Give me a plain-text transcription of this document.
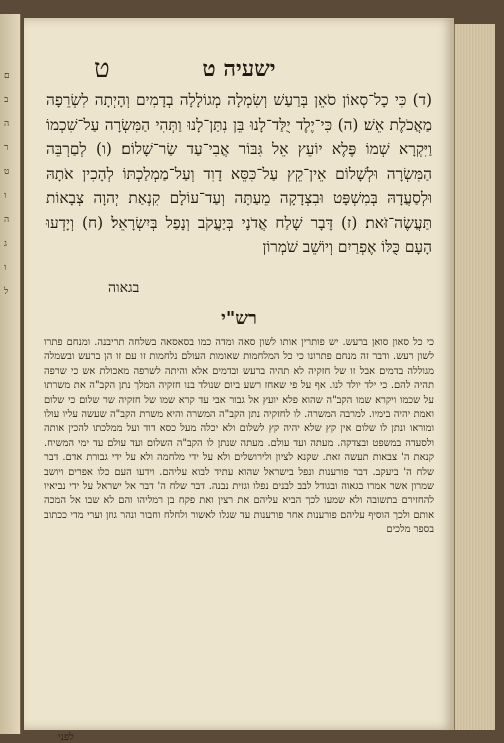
ט	ישעיה ט
(ד) כִּי כָל־סְאוֹן סֹאֵן בְּרַעַשׁ וְשִׂמְלָה מְגוֹלָלָה בְדָמִים וְהָיְתָה לִשְׂרֵפָה מַאֲכֹלֶת אֵשׁ׃ (ה) כִּי־יֶלֶד יֻלַּד־לָנוּ בֵּן נִתַּן־לָנוּ וַתְּהִי הַמִּשְׂרָה עַל־שִׁכְמוֹ וַיִּקְרָא שְׁמוֹ פֶּלֶא יוֹעֵץ אֵל גִּבּוֹר אֲבִי־עַד שַׂר־שָׁלוֹם׃ (ו) לְםַרְבֵּה הַמִּשְׂרָה וּלְשָׁלוֹם אֵין־קֵץ עַל־כִּסֵּא דָוִד וְעַל־מַמְלַכְתּוֹ לְהָכִין אֹתָהּ וּלְסַעֲדָהּ בְּמִשְׁפָּט וּבִצְדָקָה מֵעַתָּה וְעַד־עוֹלָם קִנְאַת יְהוָה צְבָאוֹת תַּעֲשֶׂה־זֹּאת׃ (ז) דָּבָר שָׁלַח אֲדֹנָי בְּיַעֲקֹב וְנָפַל בְּיִשְׂרָאֵל׃ (ח) וְיָדְעוּ הָעָם כֻּלּוֹ אֶפְרַיִם וְיוֹשֵׁב שֹׁמְרוֹן
בגאוה
רש"י
כי כל סאון סואן ברעש. יש פותרין אותו לשון סאה ומדה כמו בסאסאה בשלחה תריבנה. ומנחם פתרו לשון רעש. ודבר זה מנחם פתרונו כי כל המלחמות שאומות העולם נלחמות זו עם זו הן ברעש ובשמלה מגוללה בדמים אבל זו של חזקיה לא תהיה ברעש ובדמים אלא והיתה לשרפה מאכולת אש כי שרפה תהיה להם. כי ילד יולד לנו. אף על פי שאחז רשע ביום שנולד בנו חזקיה המלך נתן הקב"ה את משרתו על שכמו ויקרא שמו הקב"ה שהוא פלא יועץ אל גבור אבי עד קרא שמו של חזקיה שר שלום כי שלום ואמת יהיה בימיו. למרבה המשרה. לו לחזקיה נתן הקב"ה המשרה והיא משרת הקב"ה שעשה עליו עולו ומוראו ונתן לו שלום אין קץ שלא יהיה קץ לשלום ולא יכלה מעל כסא דוד ועל ממלכתו להכין אותה ולסעדה במשפט ובצדקה. מעתה ועד עולם. מעתה שנתן לו הקב"ה השלום ועד עולם עד ימי המשיח. קנאת ה' צבאות תעשה זאת. שקנא לציון ולירושלים ולא על ידי מלחמה ולא על ידי גבורת אדם. דבר שלח ה' ביעקב. דבר פורענות ונפל בישראל שהוא עתיד לבוא עליהם. וידעו העם כלו אפרים ויושב שמרון אשר אמרו בגאוה ובגודל לבב לבנים נפלו וגזית נבנה. דבר שלח ה' דבר אל ישראל על ידי נביאיו להחזירם בתשובה ולא שמעו לכך הביא עליהם את רצין ואת פקח בן רמליהו והם לא שבו אל המכה אותם ולכך הוסיף עליהם פורענות אחר פורענות עד שגלו לאשור ולחלח וחבור ונהר גוזן וערי מדי ככתוב בספר מלכים
לפני
ם
ב
ה
ר
ט
ו
ה
ג
ו
ל
